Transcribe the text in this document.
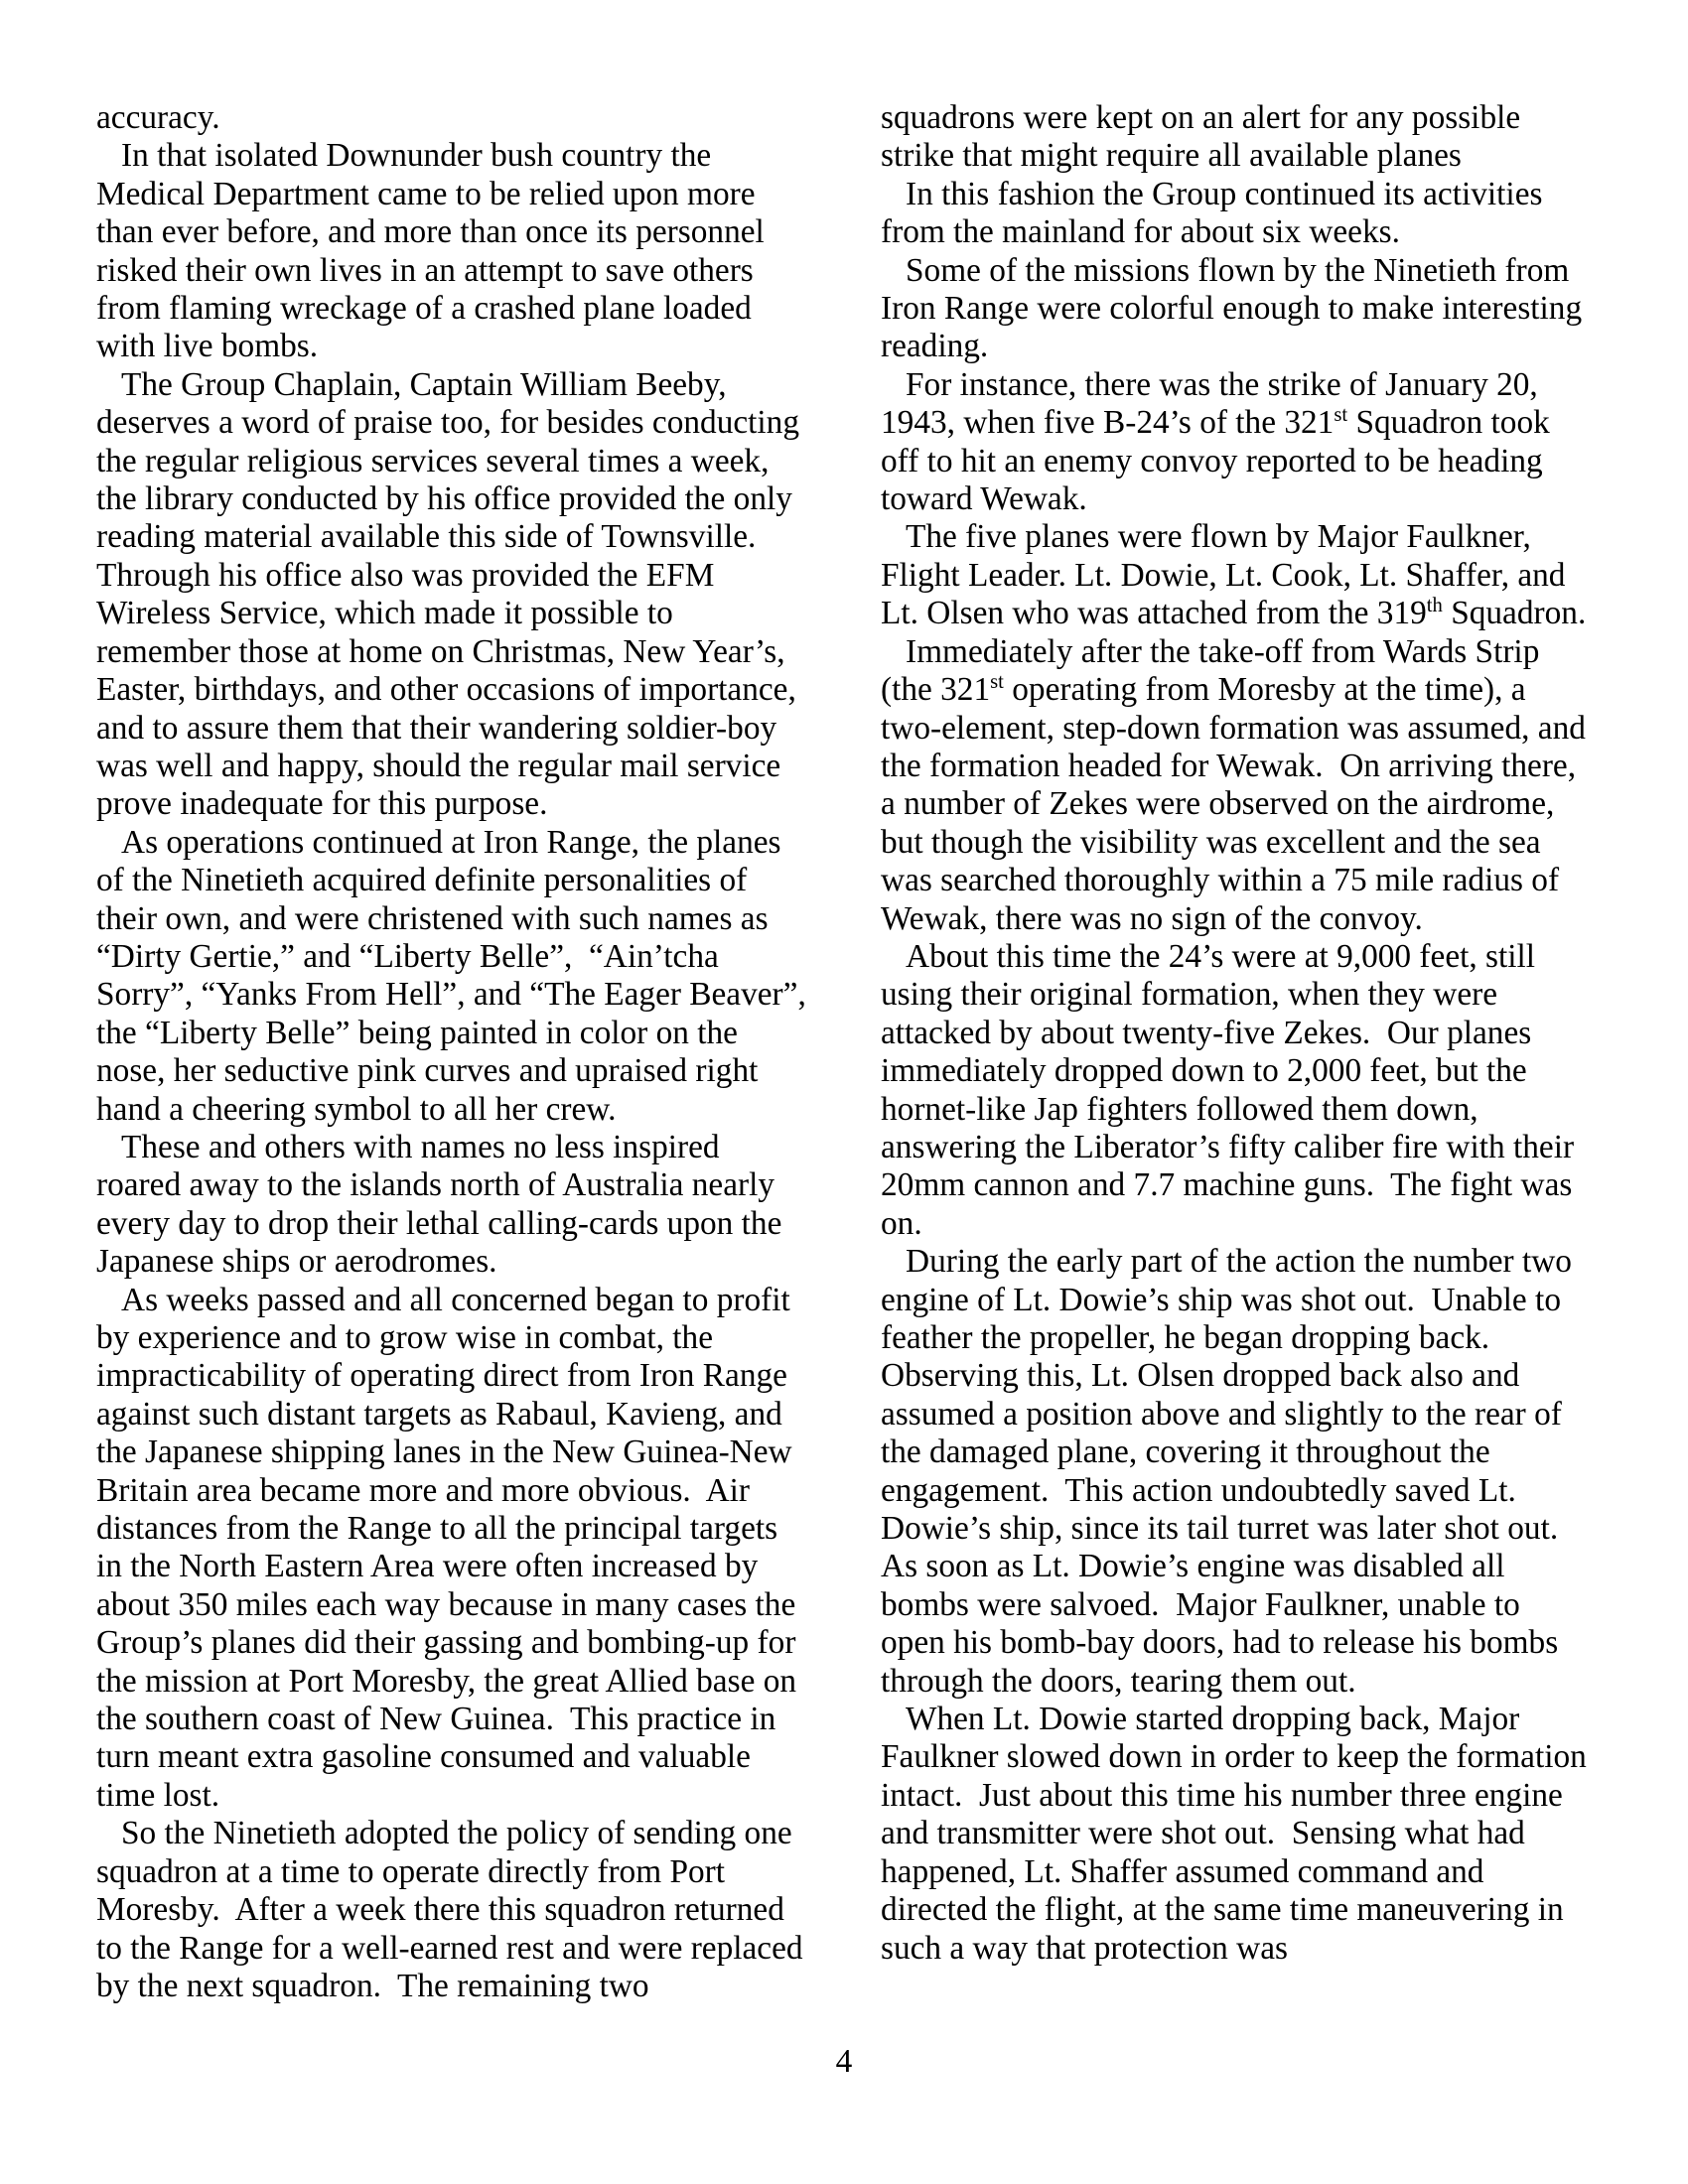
accuracy.

In that isolated Downunder bush country the Medical Department came to be relied upon more than ever before, and more than once its personnel risked their own lives in an attempt to save others from flaming wreckage of a crashed plane loaded with live bombs.

The Group Chaplain, Captain William Beeby, deserves a word of praise too, for besides conducting the regular religious services several times a week, the library conducted by his office provided the only reading material available this side of Townsville.  Through his office also was provided the EFM Wireless Service, which made it possible to remember those at home on Christmas, New Year’s, Easter, birthdays, and other occasions of importance, and to assure them that their wandering soldier-boy was well and happy, should the regular mail service prove inadequate for this purpose.

As operations continued at Iron Range, the planes of the Ninetieth acquired definite personalities of their own, and were christened with such names as “Dirty Gertie,” and “Liberty Belle”,  “Ain’tcha Sorry”, “Yanks From Hell”, and “The Eager Beaver”, the “Liberty Belle” being painted in color on the nose, her seductive pink curves and upraised right hand a cheering symbol to all her crew.

These and others with names no less inspired roared away to the islands north of Australia nearly every day to drop their lethal calling-cards upon the Japanese ships or aerodromes.

As weeks passed and all concerned began to profit by experience and to grow wise in combat, the impracticability of operating direct from Iron Range against such distant targets as Rabaul, Kavieng, and the Japanese shipping lanes in the New Guinea-New Britain area became more and more obvious.  Air distances from the Range to all the principal targets in the North Eastern Area were often increased by about 350 miles each way because in many cases the Group’s planes did their gassing and bombing-up for the mission at Port Moresby, the great Allied base on the southern coast of New Guinea.  This practice in turn meant extra gasoline consumed and valuable time lost.

So the Ninetieth adopted the policy of sending one squadron at a time to operate directly from Port Moresby.  After a week there this squadron returned to the Range for a well-earned rest and were replaced by the next squadron.  The remaining two

squadrons were kept on an alert for any possible strike that might require all available planes

In this fashion the Group continued its activities from the mainland for about six weeks.

Some of the missions flown by the Ninetieth from Iron Range were colorful enough to make interesting reading.

For instance, there was the strike of January 20, 1943, when five B-24’s of the 321st Squadron took off to hit an enemy convoy reported to be heading toward Wewak.

The five planes were flown by Major Faulkner, Flight Leader. Lt. Dowie, Lt. Cook, Lt. Shaffer, and Lt. Olsen who was attached from the 319th Squadron.

Immediately after the take-off from Wards Strip (the 321st operating from Moresby at the time), a two-element, step-down formation was assumed, and the formation headed for Wewak.  On arriving there, a number of Zekes were observed on the airdrome, but though the visibility was excellent and the sea was searched thoroughly within a 75 mile radius of Wewak, there was no sign of the convoy.

About this time the 24’s were at 9,000 feet, still using their original formation, when they were attacked by about twenty-five Zekes.  Our planes immediately dropped down to 2,000 feet, but the hornet-like Jap fighters followed them down, answering the Liberator’s fifty caliber fire with their 20mm cannon and 7.7 machine guns.  The fight was on.

During the early part of the action the number two engine of Lt. Dowie’s ship was shot out.  Unable to feather the propeller, he began dropping back.  Observing this, Lt. Olsen dropped back also and assumed a position above and slightly to the rear of the damaged plane, covering it throughout the engagement.  This action undoubtedly saved Lt. Dowie’s ship, since its tail turret was later shot out.  As soon as Lt. Dowie’s engine was disabled all bombs were salvoed.  Major Faulkner, unable to open his bomb-bay doors, had to release his bombs through the doors, tearing them out.

When Lt. Dowie started dropping back, Major Faulkner slowed down in order to keep the formation intact.  Just about this time his number three engine and transmitter were shot out.  Sensing what had happened, Lt. Shaffer assumed command and directed the flight, at the same time maneuvering in such a way that protection was

4
